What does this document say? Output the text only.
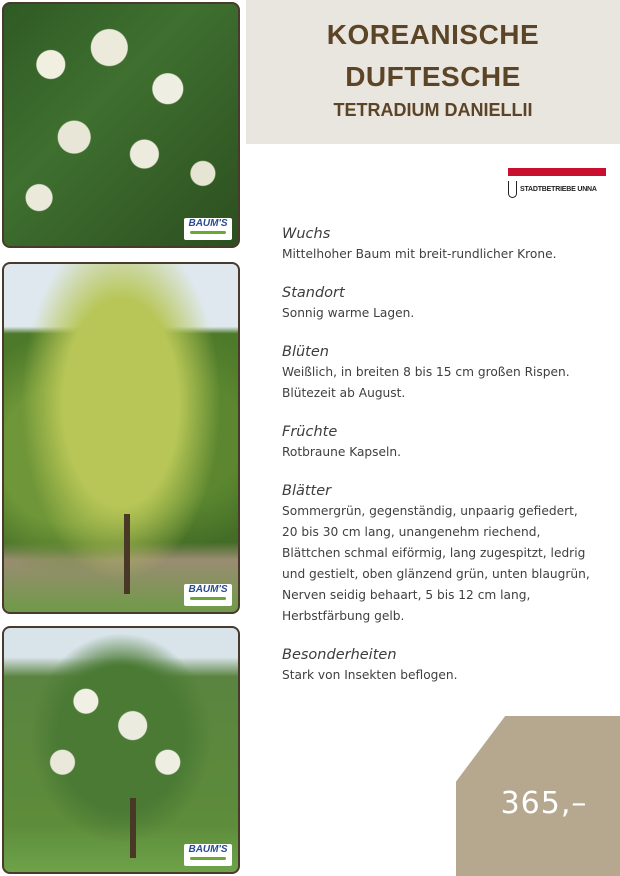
BAUM'S
BAUM'S
BAUM'S
KOREANISCHE
DUFTESCHE
TETRADIUM DANIELLII
STADTBETRIEBE UNNA
Wuchs
Mittelhoher Baum mit breit-rundlicher Krone.
Standort
Sonnig warme Lagen.
Blüten
Weißlich, in breiten 8 bis 15 cm großen Rispen.
Blütezeit ab August.
Früchte
Rotbraune Kapseln.
Blätter
Sommergrün, gegenständig, unpaarig gefiedert,
20 bis 30 cm lang, unangenehm riechend,
Blättchen schmal eiförmig, lang zugespitzt, ledrig
und gestielt, oben glänzend grün, unten blaugrün,
Nerven seidig behaart, 5 bis 12 cm lang,
Herbstfärbung gelb.
Besonderheiten
Stark von Insekten beflogen.
365,–
